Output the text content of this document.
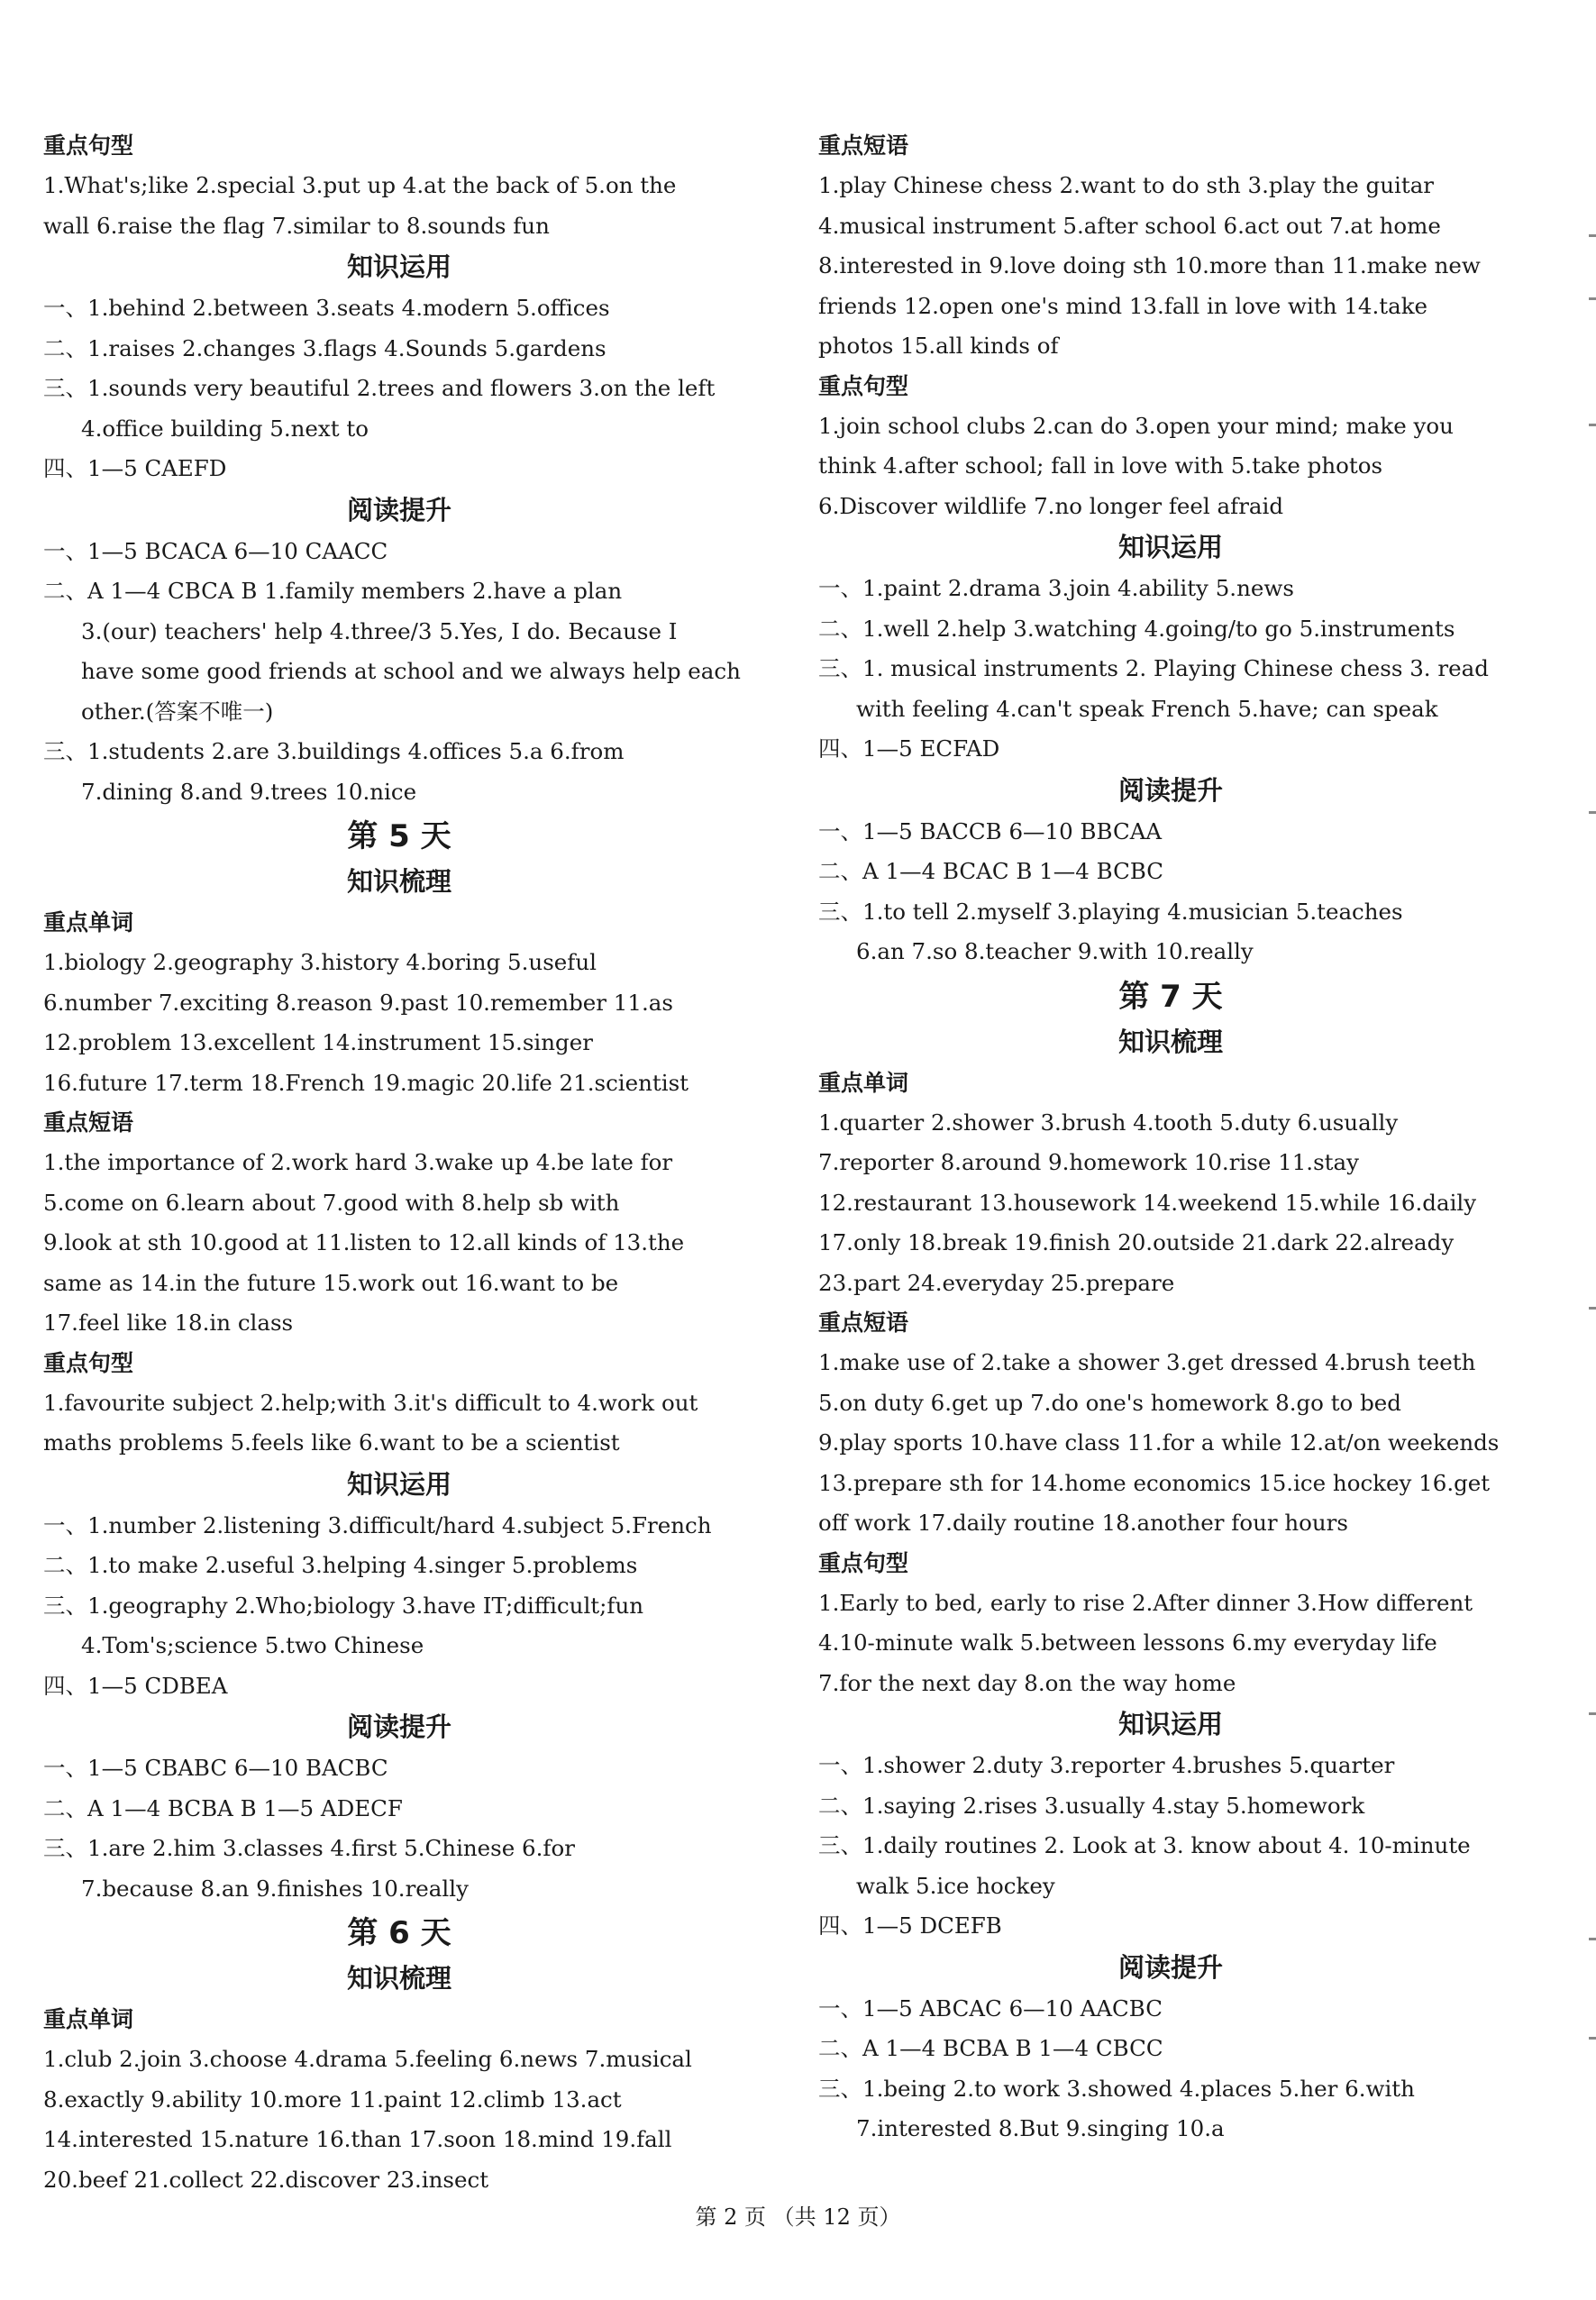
重点句型
1.What's;like 2.special 3.put up 4.at the back of 5.on the
wall 6.raise the flag 7.similar to 8.sounds fun
知识运用
一、1.behind 2.between 3.seats 4.modern 5.offices
二、1.raises 2.changes 3.flags 4.Sounds 5.gardens
三、1.sounds very beautiful 2.trees and flowers 3.on the left
4.office building 5.next to
四、1—5 CAEFD
阅读提升
一、1—5 BCACA 6—10 CAACC
二、A 1—4 CBCA B 1.family members 2.have a plan
3.(our) teachers' help 4.three/3 5.Yes, I do. Because I
have some good friends at school and we always help each
other.(答案不唯一)
三、1.students 2.are 3.buildings 4.offices 5.a 6.from
7.dining 8.and 9.trees 10.nice
第 5 天
知识梳理
重点单词
1.biology 2.geography 3.history 4.boring 5.useful
6.number 7.exciting 8.reason 9.past 10.remember 11.as
12.problem 13.excellent 14.instrument 15.singer
16.future 17.term 18.French 19.magic 20.life 21.scientist
重点短语
1.the importance of 2.work hard 3.wake up 4.be late for
5.come on 6.learn about 7.good with 8.help sb with
9.look at sth 10.good at 11.listen to 12.all kinds of 13.the
same as 14.in the future 15.work out 16.want to be
17.feel like 18.in class
重点句型
1.favourite subject 2.help;with 3.it's difficult to 4.work out
maths problems 5.feels like 6.want to be a scientist
知识运用
一、1.number 2.listening 3.difficult/hard 4.subject 5.French
二、1.to make 2.useful 3.helping 4.singer 5.problems
三、1.geography 2.Who;biology 3.have IT;difficult;fun
4.Tom's;science 5.two Chinese
四、1—5 CDBEA
阅读提升
一、1—5 CBABC 6—10 BACBC
二、A 1—4 BCBA B 1—5 ADECF
三、1.are 2.him 3.classes 4.first 5.Chinese 6.for
7.because 8.an 9.finishes 10.really
第 6 天
知识梳理
重点单词
1.club 2.join 3.choose 4.drama 5.feeling 6.news 7.musical
8.exactly 9.ability 10.more 11.paint 12.climb 13.act
14.interested 15.nature 16.than 17.soon 18.mind 19.fall
20.beef 21.collect 22.discover 23.insect
重点短语
1.play Chinese chess 2.want to do sth 3.play the guitar
4.musical instrument 5.after school 6.act out 7.at home
8.interested in 9.love doing sth 10.more than 11.make new
friends 12.open one's mind 13.fall in love with 14.take
photos 15.all kinds of
重点句型
1.join school clubs 2.can do 3.open your mind; make you
think 4.after school; fall in love with 5.take photos
6.Discover wildlife 7.no longer feel afraid
知识运用
一、1.paint 2.drama 3.join 4.ability 5.news
二、1.well 2.help 3.watching 4.going/to go 5.instruments
三、1. musical instruments 2. Playing Chinese chess 3. read
with feeling 4.can't speak French 5.have; can speak
四、1—5 ECFAD
阅读提升
一、1—5 BACCB 6—10 BBCAA
二、A 1—4 BCAC B 1—4 BCBC
三、1.to tell 2.myself 3.playing 4.musician 5.teaches
6.an 7.so 8.teacher 9.with 10.really
第 7 天
知识梳理
重点单词
1.quarter 2.shower 3.brush 4.tooth 5.duty 6.usually
7.reporter 8.around 9.homework 10.rise 11.stay
12.restaurant 13.housework 14.weekend 15.while 16.daily
17.only 18.break 19.finish 20.outside 21.dark 22.already
23.part 24.everyday 25.prepare
重点短语
1.make use of 2.take a shower 3.get dressed 4.brush teeth
5.on duty 6.get up 7.do one's homework 8.go to bed
9.play sports 10.have class 11.for a while 12.at/on weekends
13.prepare sth for 14.home economics 15.ice hockey 16.get
off work 17.daily routine 18.another four hours
重点句型
1.Early to bed, early to rise 2.After dinner 3.How different
4.10-minute walk 5.between lessons 6.my everyday life
7.for the next day 8.on the way home
知识运用
一、1.shower 2.duty 3.reporter 4.brushes 5.quarter
二、1.saying 2.rises 3.usually 4.stay 5.homework
三、1.daily routines 2. Look at 3. know about 4. 10-minute
walk 5.ice hockey
四、1—5 DCEFB
阅读提升
一、1—5 ABCAC 6—10 AACBC
二、A 1—4 BCBA B 1—4 CBCC
三、1.being 2.to work 3.showed 4.places 5.her 6.with
7.interested 8.But 9.singing 10.a
第 2 页 （共 12 页）
